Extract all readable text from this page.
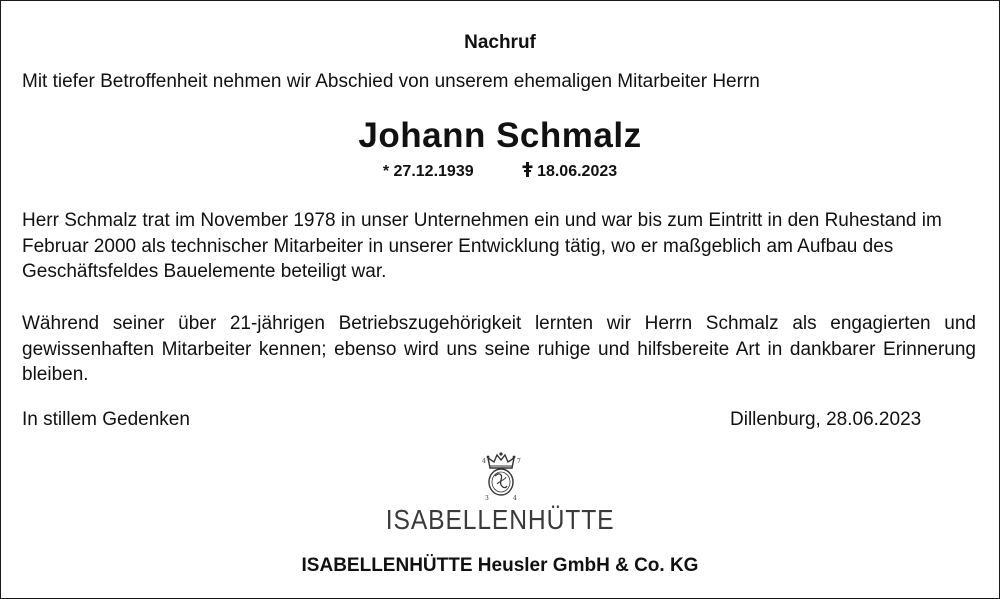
Nachruf
Mit tiefer Betroffenheit nehmen wir Abschied von unserem ehemaligen Mitarbeiter Herrn
Johann Schmalz
* 27.12.1939	18.06.2023
Herr Schmalz trat im November 1978 in unser Unternehmen ein und war bis zum Eintritt in den Ruhestand im Februar 2000 als technischer Mitarbeiter in unserer Entwicklung tätig, wo er maßgeblich am Aufbau des Geschäftsfeldes Bauelemente beteiligt war.
Während seiner über 21-jährigen Betriebszugehörigkeit lernten wir Herrn Schmalz als engagierten und gewissenhaften Mitarbeiter kennen; ebenso wird uns seine ruhige und hilfsbereite Art in dankbarer Erinnerung bleiben.
In stillem Gedenken	Dillenburg, 28.06.2023
4	7
3	4
ISABELLENHÜTTE
ISABELLENHÜTTE Heusler GmbH & Co. KG
